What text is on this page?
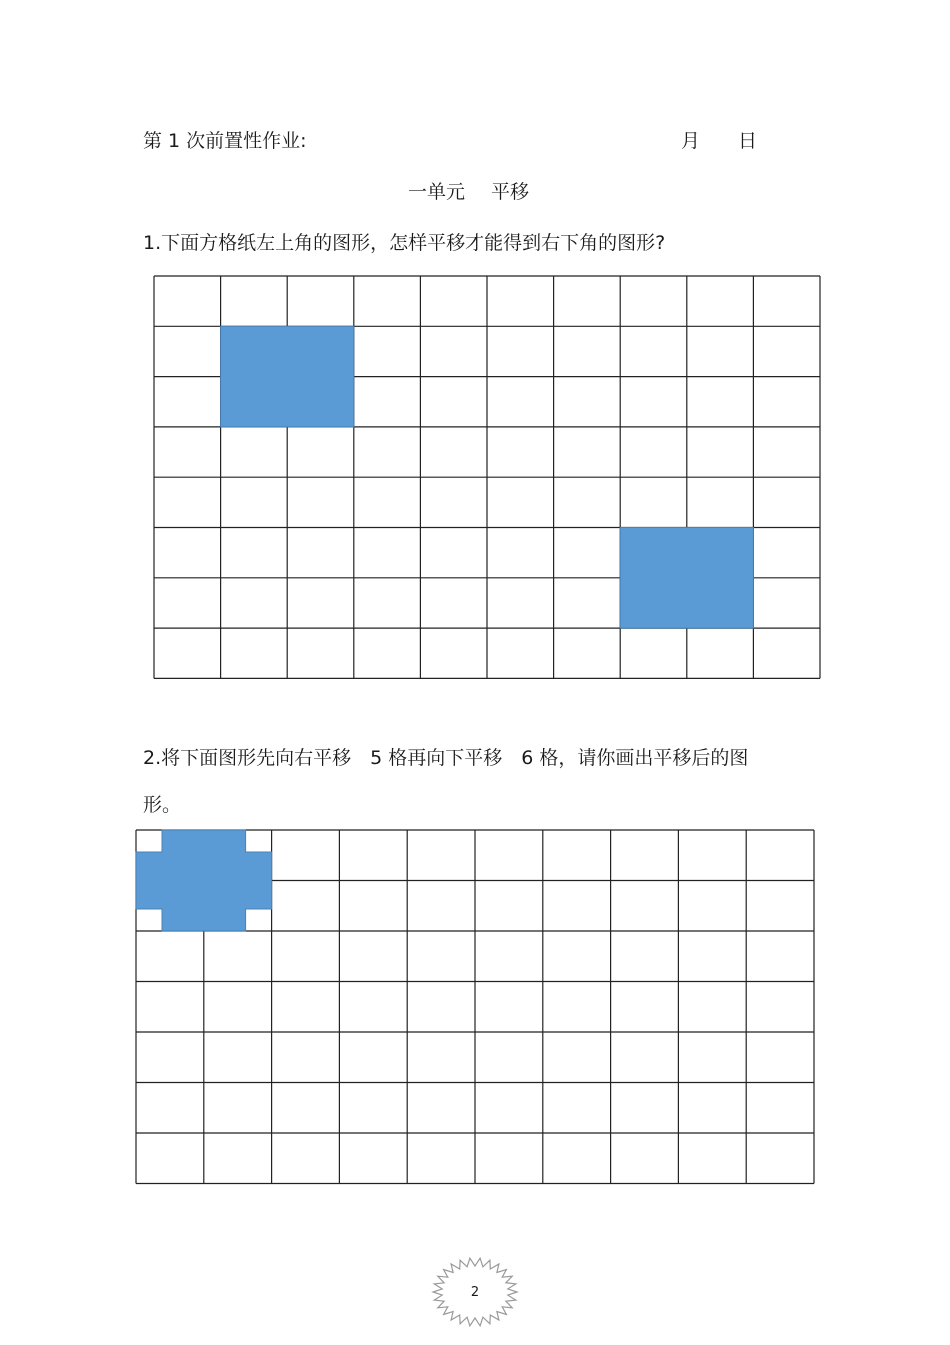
第 1 次前置性作业:	月 日
一单元 平移
1.下面方格纸左上角的图形，怎样平移才能得到右下角的图形?
2.将下面图形先向右平移　5 格再向下平移　6 格，请你画出平移后的图
形。
2
